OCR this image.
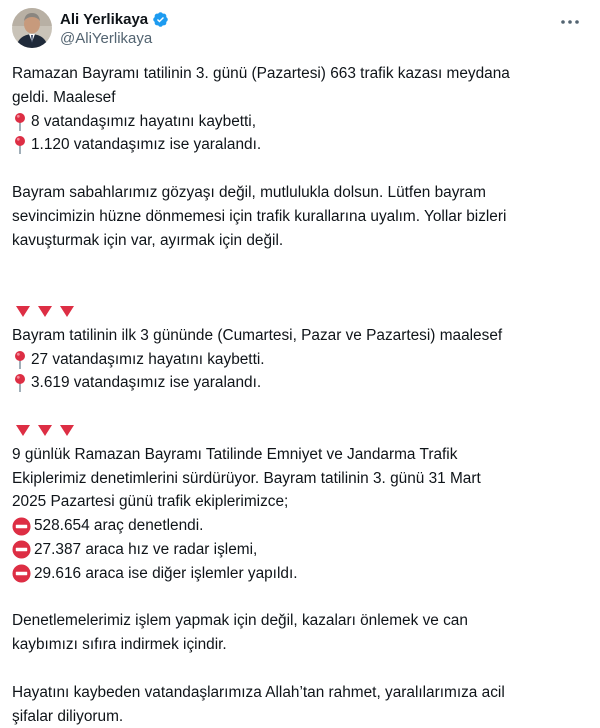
Ali Yerlikaya
@AliYerlikaya
Ramazan Bayramı tatilinin 3. günü (Pazartesi) 663 trafik kazası meydana
geldi. Maalesef
8 vatandaşımız hayatını kaybetti,
1.120 vatandaşımız ise yaralandı.
Bayram sabahlarımız gözyaşı değil, mutlulukla dolsun. Lütfen bayram
sevincimizin hüzne dönmemesi için trafik kurallarına uyalım. Yollar bizleri
kavuşturmak için var, ayırmak için değil.
Bayram tatilinin ilk 3 gününde (Cumartesi, Pazar ve Pazartesi) maalesef
27 vatandaşımız hayatını kaybetti.
3.619 vatandaşımız ise yaralandı.
9 günlük Ramazan Bayramı Tatilinde Emniyet ve Jandarma Trafik
Ekiplerimiz denetimlerini sürdürüyor. Bayram tatilinin 3. günü 31 Mart
2025 Pazartesi günü trafik ekiplerimizce;
528.654 araç denetlendi.
27.387 araca hız ve radar işlemi,
29.616 araca ise diğer işlemler yapıldı.
Denetlemelerimiz işlem yapmak için değil, kazaları önlemek ve can
kaybımızı sıfıra indirmek içindir.
Hayatını kaybeden vatandaşlarımıza Allah’tan rahmet, yaralılarımıza acil
şifalar diliyorum.
